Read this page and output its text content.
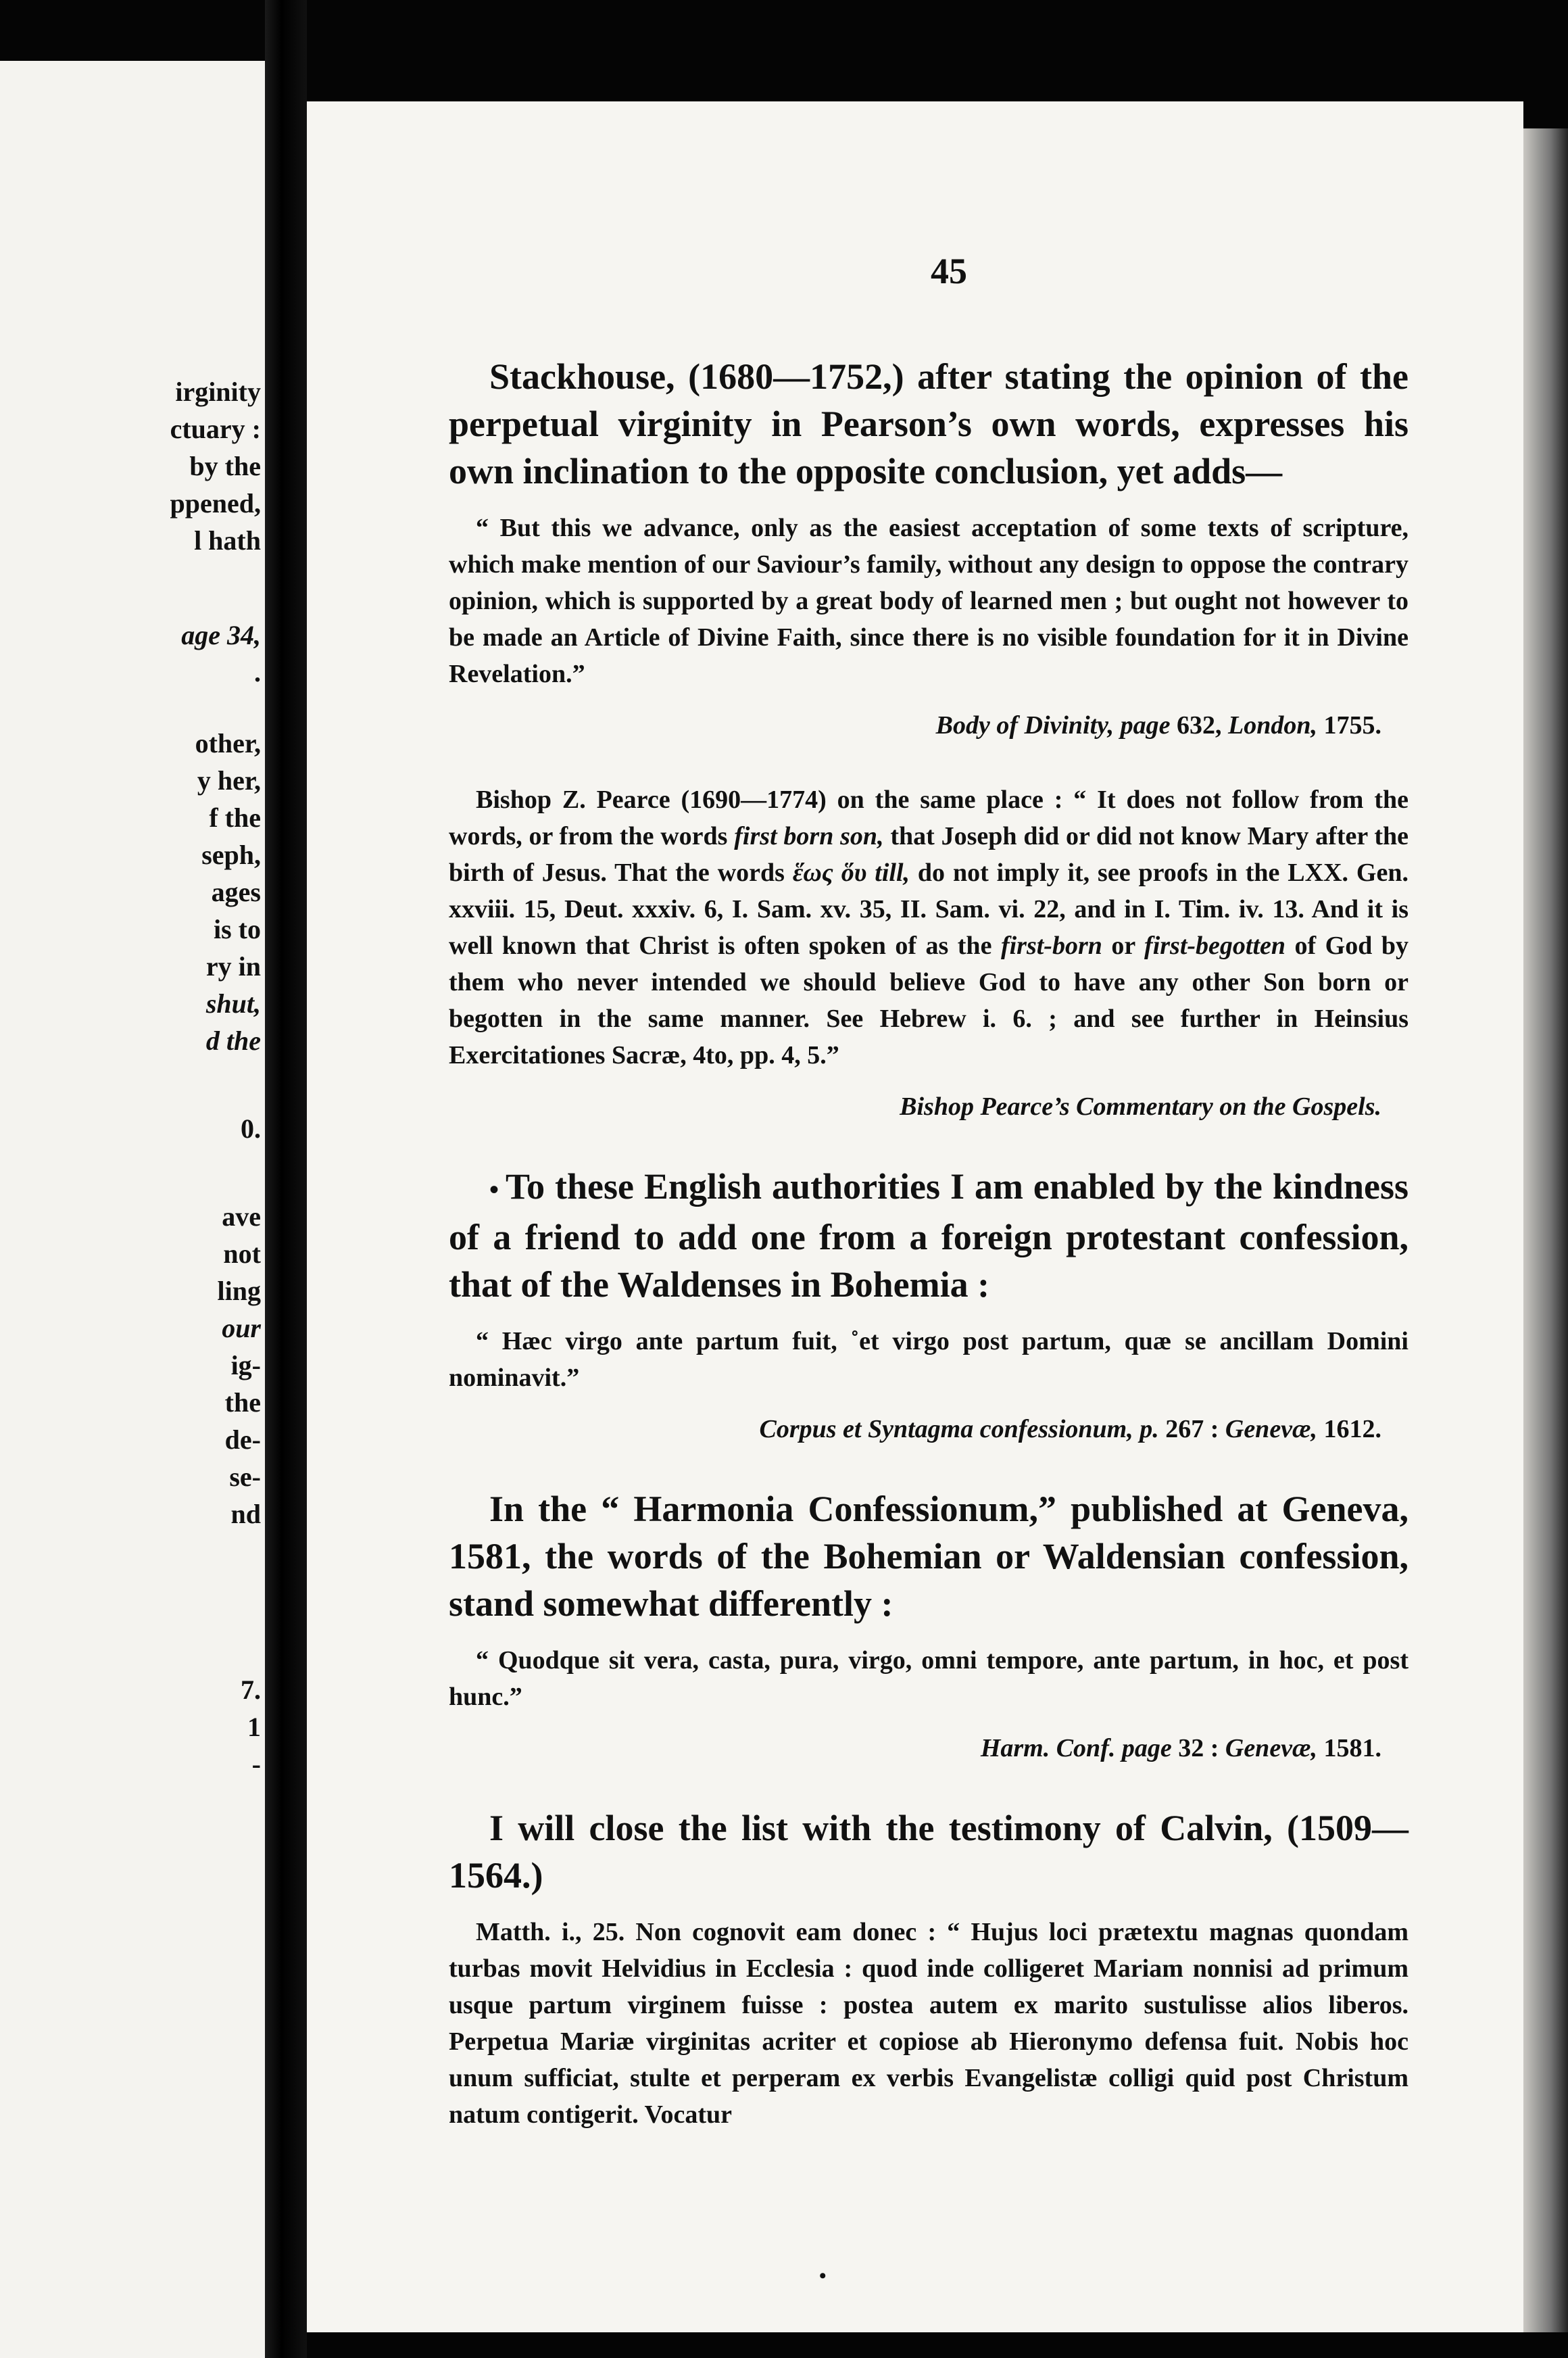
irginity
ctuary :
by the
ppened,
l hath
age 34,
.
other,
y her,
f the
seph,
ages
is to
ry in
shut,
d the
0.
ave
not
ling
our
ig-
the
de-
se-
nd
7.
1
-
45

Stackhouse, (1680—1752,) after stating the opinion of the perpetual virginity in Pearson’s own words, expresses his own inclination to the opposite conclusion, yet adds—

“ But this we advance, only as the easiest acceptation of some texts of scripture, which make mention of our Saviour’s family, without any design to oppose the contrary opinion, which is supported by a great body of learned men ; but ought not however to be made an Article of Divine Faith, since there is no visible foundation for it in Divine Revelation.”

Body of Divinity, page 632, London, 1755.

Bishop Z. Pearce (1690—1774) on the same place : “ It does not follow from the words, or from the words first born son, that Joseph did or did not know Mary after the birth of Jesus. That the words ἕως ὅυ till, do not imply it, see proofs in the LXX. Gen. xxviii. 15, Deut. xxxiv. 6, I. Sam. xv. 35, II. Sam. vi. 22, and in I. Tim. iv. 13. And it is well known that Christ is often spoken of as the first-born or first-begotten of God by them who never intended we should believe God to have any other Son born or begotten in the same manner. See Hebrew i. 6. ; and see further in Heinsius Exercitationes Sacræ, 4to, pp. 4, 5.”

Bishop Pearce’s Commentary on the Gospels.

• To these English authorities I am enabled by the kindness of a friend to add one from a foreign protestant confession, that of the Waldenses in Bohemia :

“ Hæc virgo ante partum fuit, ˚et virgo post partum, quæ se ancillam Domini nominavit.”

Corpus et Syntagma confessionum, p. 267 : Genevæ, 1612.

In the “ Harmonia Confessionum,” published at Geneva, 1581, the words of the Bohemian or Waldensian confession, stand somewhat differently :

“ Quodque sit vera, casta, pura, virgo, omni tempore, ante partum, in hoc, et post hunc.”

Harm. Conf. page 32 : Genevæ, 1581.

I will close the list with the testimony of Calvin, (1509—1564.)

Matth. i., 25. Non cognovit eam donec : “ Hujus loci prætextu magnas quondam turbas movit Helvidius in Ecclesia : quod inde colligeret Mariam nonnisi ad primum usque partum virginem fuisse : postea autem ex marito sustulisse alios liberos. Perpetua Mariæ virginitas acriter et copiose ab Hieronymo defensa fuit. Nobis hoc unum sufficiat, stulte et perperam ex verbis Evangelistæ colligi quid post Christum natum contigerit. Vocatur

•
